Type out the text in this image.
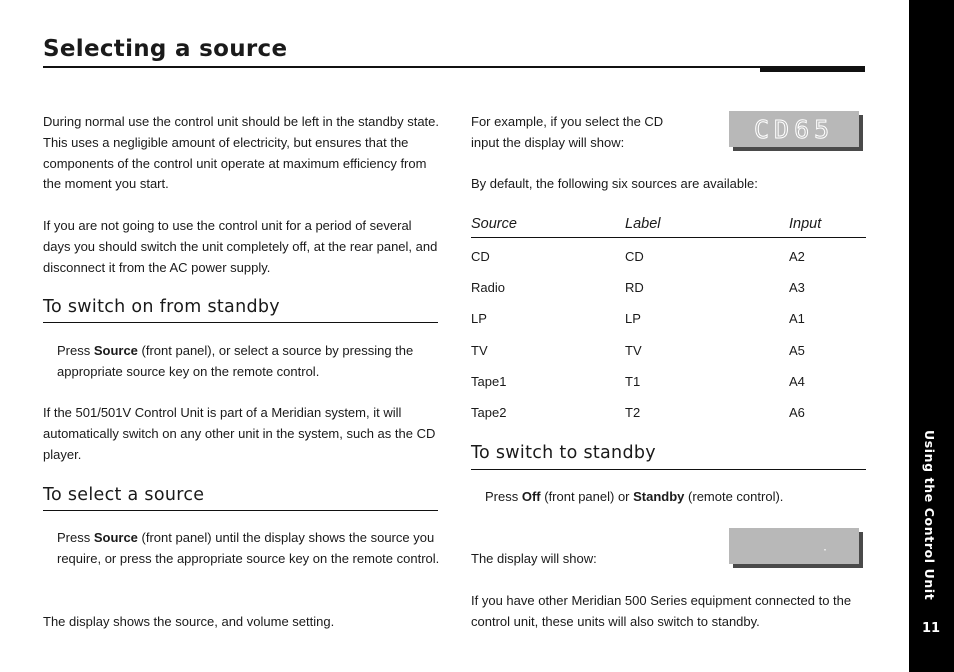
Selecting a source
Using the Control Unit
11

During normal use the control unit should be left in the standby state. This uses a negligible amount of electricity, but ensures that the components of the control unit operate at maximum efficiency from the moment you start.

If you are not going to use the control unit for a period of several days you should switch the unit completely off, at the rear panel, and disconnect it from the AC power supply.

To switch on from standby

Press Source (front panel), or select a source by pressing the appropriate source key on the remote control.

If the 501/501V Control Unit is part of a Meridian system, it will automatically switch on any other unit in the system, such as the CD player.

To select a source

Press Source (front panel) until the display shows the source you require, or press the appropriate source key on the remote control.

The display shows the source, and volume setting.

For example, if you select the CD input the display will show:	CD65

By default, the following six sources are available:

Source	Label	Input
CD	CD	A2
Radio	RD	A3
LP	LP	A1
TV	TV	A5
Tape1	T1	A4
Tape2	T2	A6
To switch to standby

Press Off (front panel) or Standby (remote control).

The display will show:

·

If you have other Meridian 500 Series equipment connected to the control unit, these units will also switch to standby.
